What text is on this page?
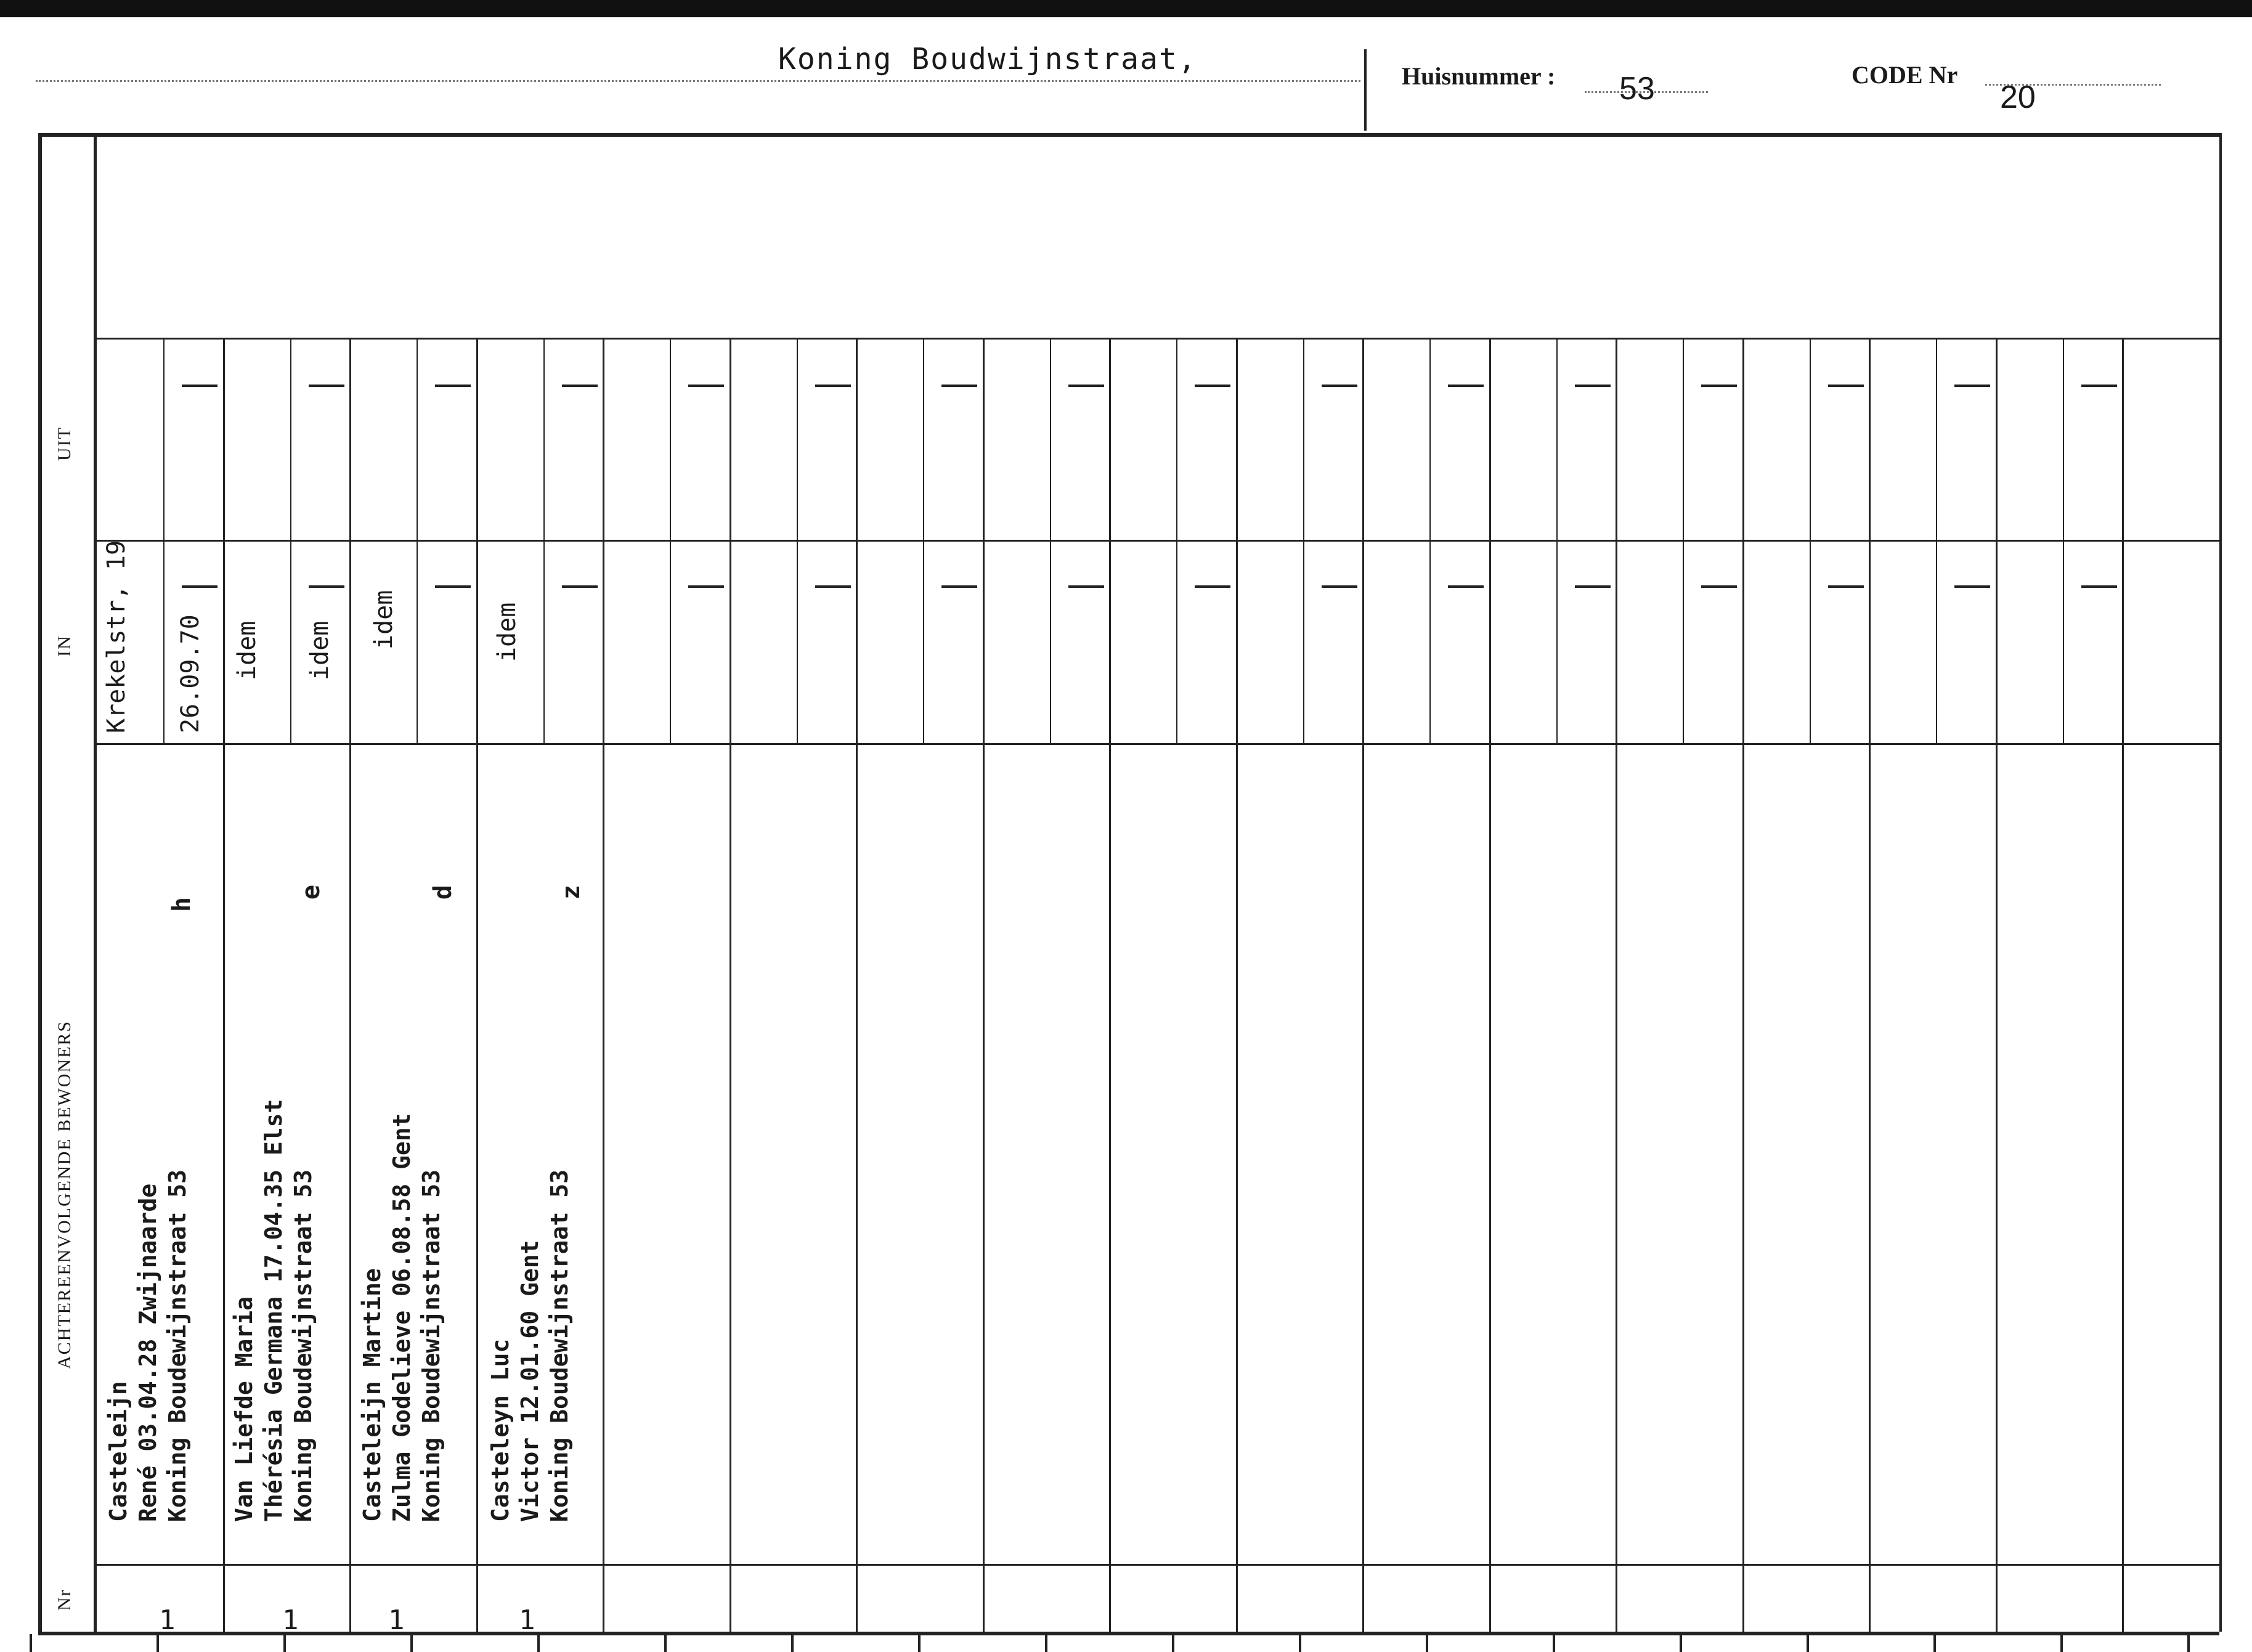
Koning Boudwijnstraat,	Huisnummer : 53	CODE Nr
20
UIT
IN
ACHTEREENVOLGENDE BEWONERS
Nr
Krekelstr, 19 26.09.70
Casteleijn René 03.04.28 Zwijnaarde Koning Boudewijnstraat 53
h
1
idem idem
Van Liefde Maria Thérésia Germana 17.04.35 Elst Koning Boudewijnstraat 53
e
1
idem
Casteleijn Martine Zulma Godelieve 06.08.58 Gent Koning Boudewijnstraat 53
d
1
idem
Casteleyn Luc Victor 12.01.60 Gent Koning Boudewijnstraat 53
z
1
